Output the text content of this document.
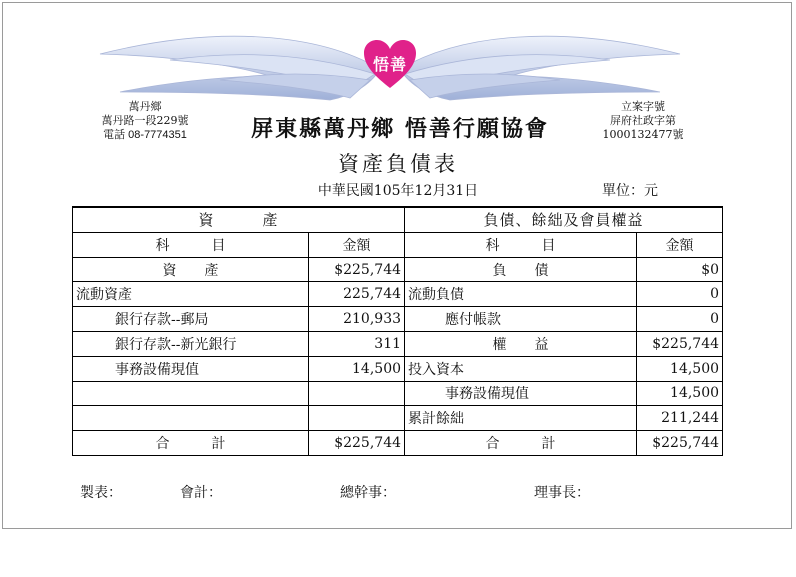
悟善
萬丹鄉
萬丹路一段229號
電話 08-7774351
立案字號
屏府社政字第
1000132477號
屏東縣萬丹鄉 悟善行願協會
資產負債表
中華民國105年12月31日	單位：元
資　　　產		負債、餘絀及會員權益	
科　　　目	金額	科　　　目	金額
資　　產	$225,744	負　　債	$0
流動資產	225,744	流動負債	0
銀行存款--郵局	210,933	應付帳款	0
銀行存款--新光銀行	311	權　　益	$225,744
事務設備現值	14,500	投入資本	14,500
		事務設備現值	14,500
		累計餘絀	211,244
合　　　計	$225,744	合　　　計	$225,744
製表：	會計：	總幹事：	理事長：
